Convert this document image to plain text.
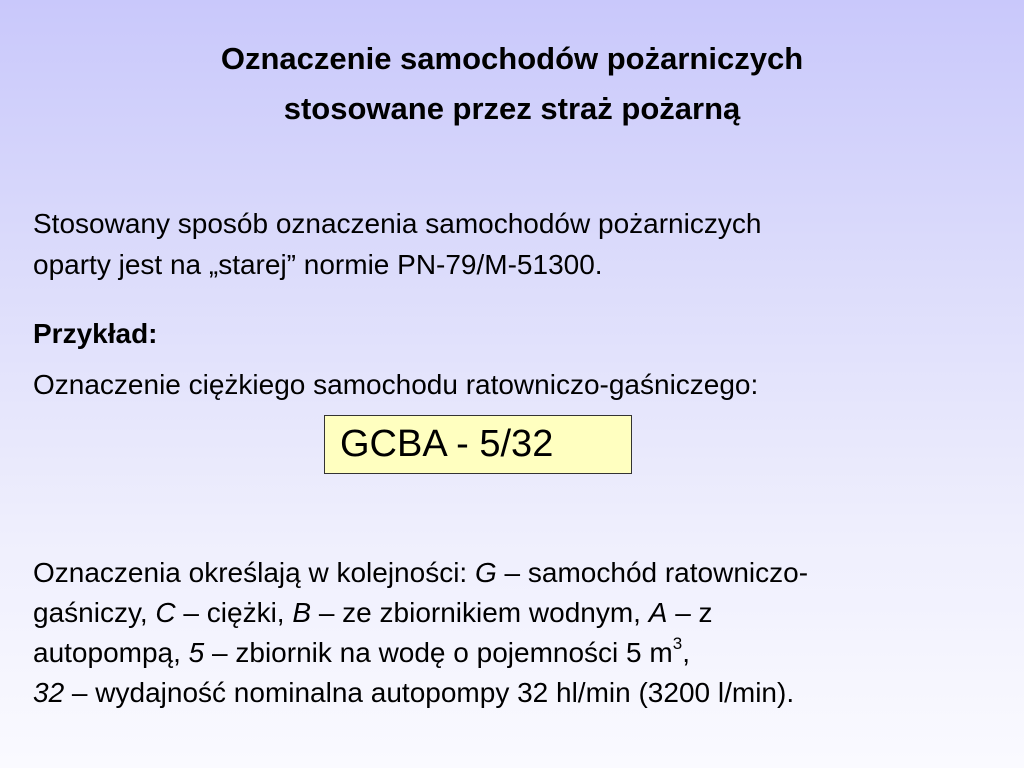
Oznaczenie samochodów pożarniczych
stosowane przez straż pożarną
Stosowany sposób oznaczenia samochodów pożarniczych
oparty jest na „starej” normie PN-79/M-51300.
Przykład:
Oznaczenie ciężkiego samochodu ratowniczo-gaśniczego:
GCBA - 5/32
Oznaczenia określają w kolejności: G – samochód ratowniczo-
gaśniczy, C – ciężki, B – ze zbiornikiem wodnym, A – z
autopompą, 5 – zbiornik na wodę o pojemności 5 $m^3$,
32 – wydajność nominalna autopompy 32 hl/min (3200 l/min).
